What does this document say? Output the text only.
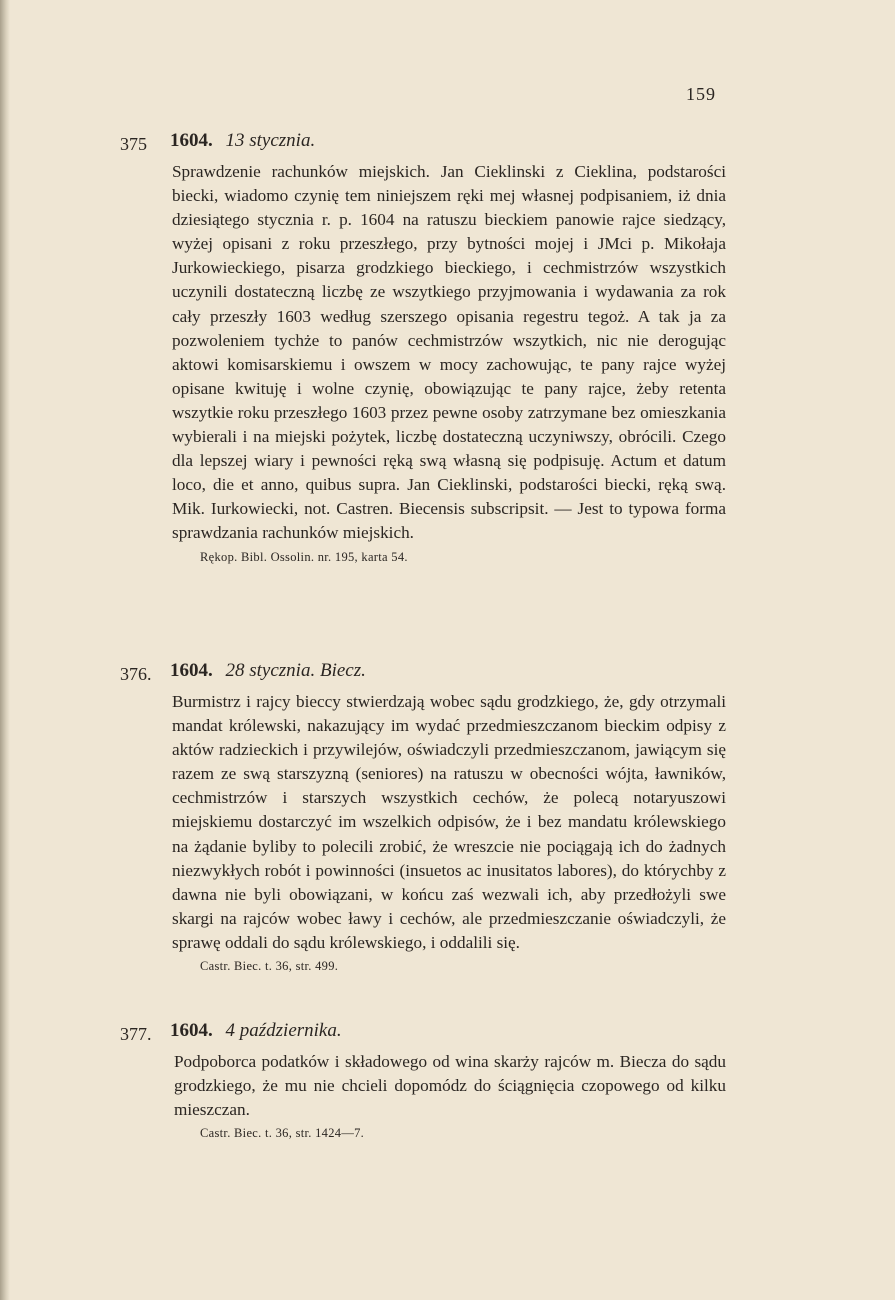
159
375 1604. 13 stycznia.

Sprawdzenie rachunków miejskich. Jan Cieklinski z Cieklina, podstarości biecki, wiadomo czynię tem niniejszem ręki mej własnej podpisaniem, iż dnia dziesiątego stycznia r. p. 1604 na ratuszu bieckiem panowie rajce siedzący, wyżej opisani z roku przeszłego, przy bytności mojej i JMci p. Mikołaja Jurkowieckiego, pisarza grodzkiego bieckiego, i cechmistrzów wszystkich uczynili dostateczną liczbę ze wszytkiego przyjmowania i wydawania za rok cały przeszły 1603 według szerszego opisania regestru tegoż. A tak ja za pozwoleniem tychże to panów cechmistrzów wszytkich, nic nie derogując aktowi komisarskiemu i owszem w mocy zachowując, te pany rajce wyżej opisane kwituję i wolne czynię, obowiązując te pany rajce, żeby retenta wszytkie roku przeszłego 1603 przez pewne osoby zatrzymane bez omieszkania wybierali i na miejski pożytek, liczbę dostateczną uczyniwszy, obrócili. Czego dla lepszej wiary i pewności ręką swą własną się podpisuję. Actum et datum loco, die et anno, quibus supra. Jan Cieklinski, podstarości biecki, ręką swą. Mik. Iurkowiecki, not. Castren. Biecensis subscripsit. — Jest to typowa forma sprawdzania rachunków miejskich.

Rękop. Bibl. Ossolin. nr. 195, karta 54.
376. 1604. 28 stycznia. Biecz.

Burmistrz i rajcy bieccy stwierdzają wobec sądu grodzkiego, że, gdy otrzymali mandat królewski, nakazujący im wydać przedmieszczanom bieckim odpisy z aktów radzieckich i przywilejów, oświadczyli przedmieszczanom, jawiącym się razem ze swą starszyzną (seniores) na ratuszu w obecności wójta, ławników, cechmistrzów i starszych wszystkich cechów, że polecą notaryuszowi miejskiemu dostarczyć im wszelkich odpisów, że i bez mandatu królewskiego na żądanie byliby to polecili zrobić, że wreszcie nie pociągają ich do żadnych niezwykłych robót i powinności (insuetos ac inusitatos labores), do którychby z dawna nie byli obowiązani, w końcu zaś wezwali ich, aby przedłożyli swe skargi na rajców wobec ławy i cechów, ale przedmieszczanie oświadczyli, że sprawę oddali do sądu królewskiego, i oddalili się.

Castr. Biec. t. 36, str. 499.
377. 1604. 4 października.

Podpoborca podatków i składowego od wina skarży rajców m. Biecza do sądu grodzkiego, że mu nie chcieli dopomódz do ściągnięcia czopowego od kilku mieszczan.

Castr. Biec. t. 36, str. 1424—7.
